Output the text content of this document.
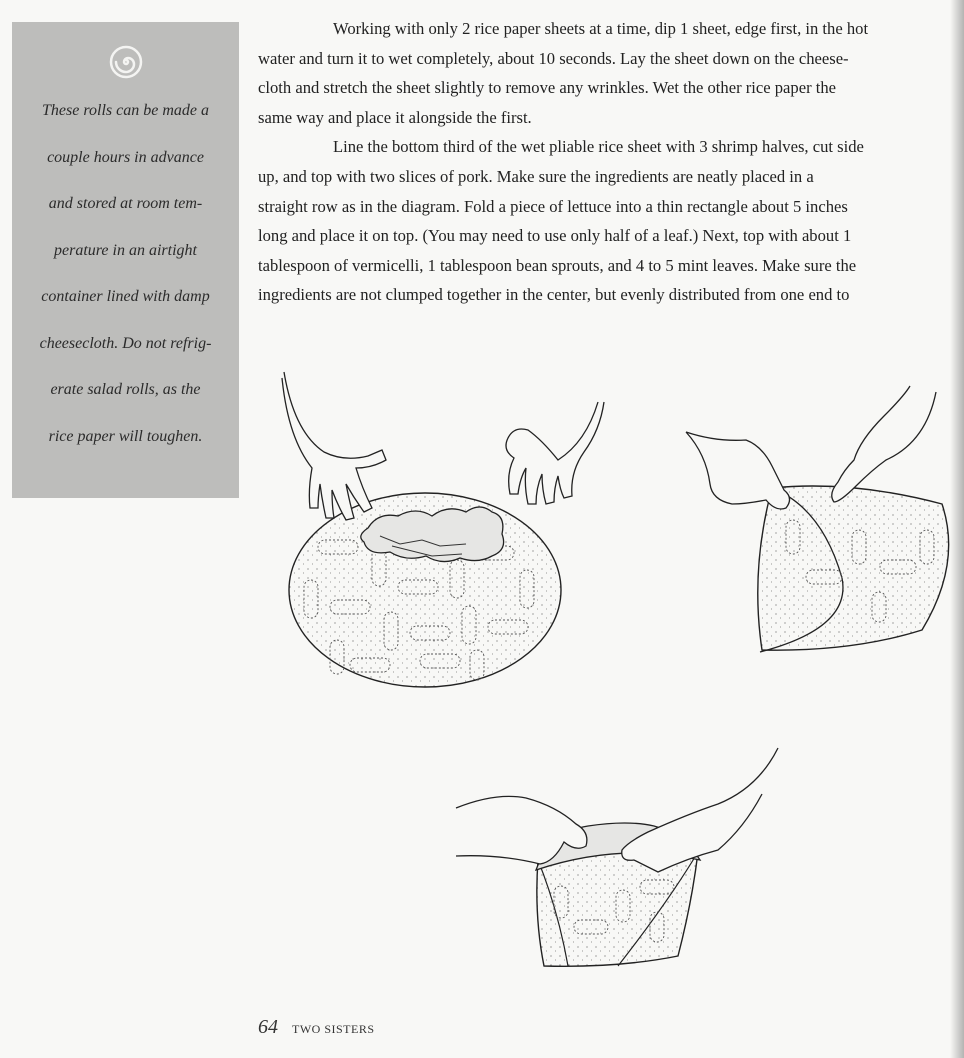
These rolls can be made a
couple hours in advance
and stored at room tem-
perature in an airtight
container lined with damp
cheesecloth. Do not refrig-
erate salad rolls, as the
rice paper will toughen.
Working with only 2 rice paper sheets at a time, dip 1 sheet, edge first, in the hot
water and turn it to wet completely, about 10 seconds. Lay the sheet down on the cheese-
cloth and stretch the sheet slightly to remove any wrinkles. Wet the other rice paper the
same way and place it alongside the first.
Line the bottom third of the wet pliable rice sheet with 3 shrimp halves, cut side
up, and top with two slices of pork. Make sure the ingredients are neatly placed in a
straight row as in the diagram. Fold a piece of lettuce into a thin rectangle about 5 inches
long and place it on top. (You may need to use only half of a leaf.) Next, top with about 1
tablespoon of vermicelli, 1 tablespoon bean sprouts, and 4 to 5 mint leaves. Make sure the
ingredients are not clumped together in the center, but evenly distributed from one end to
64 TWO SISTERS
